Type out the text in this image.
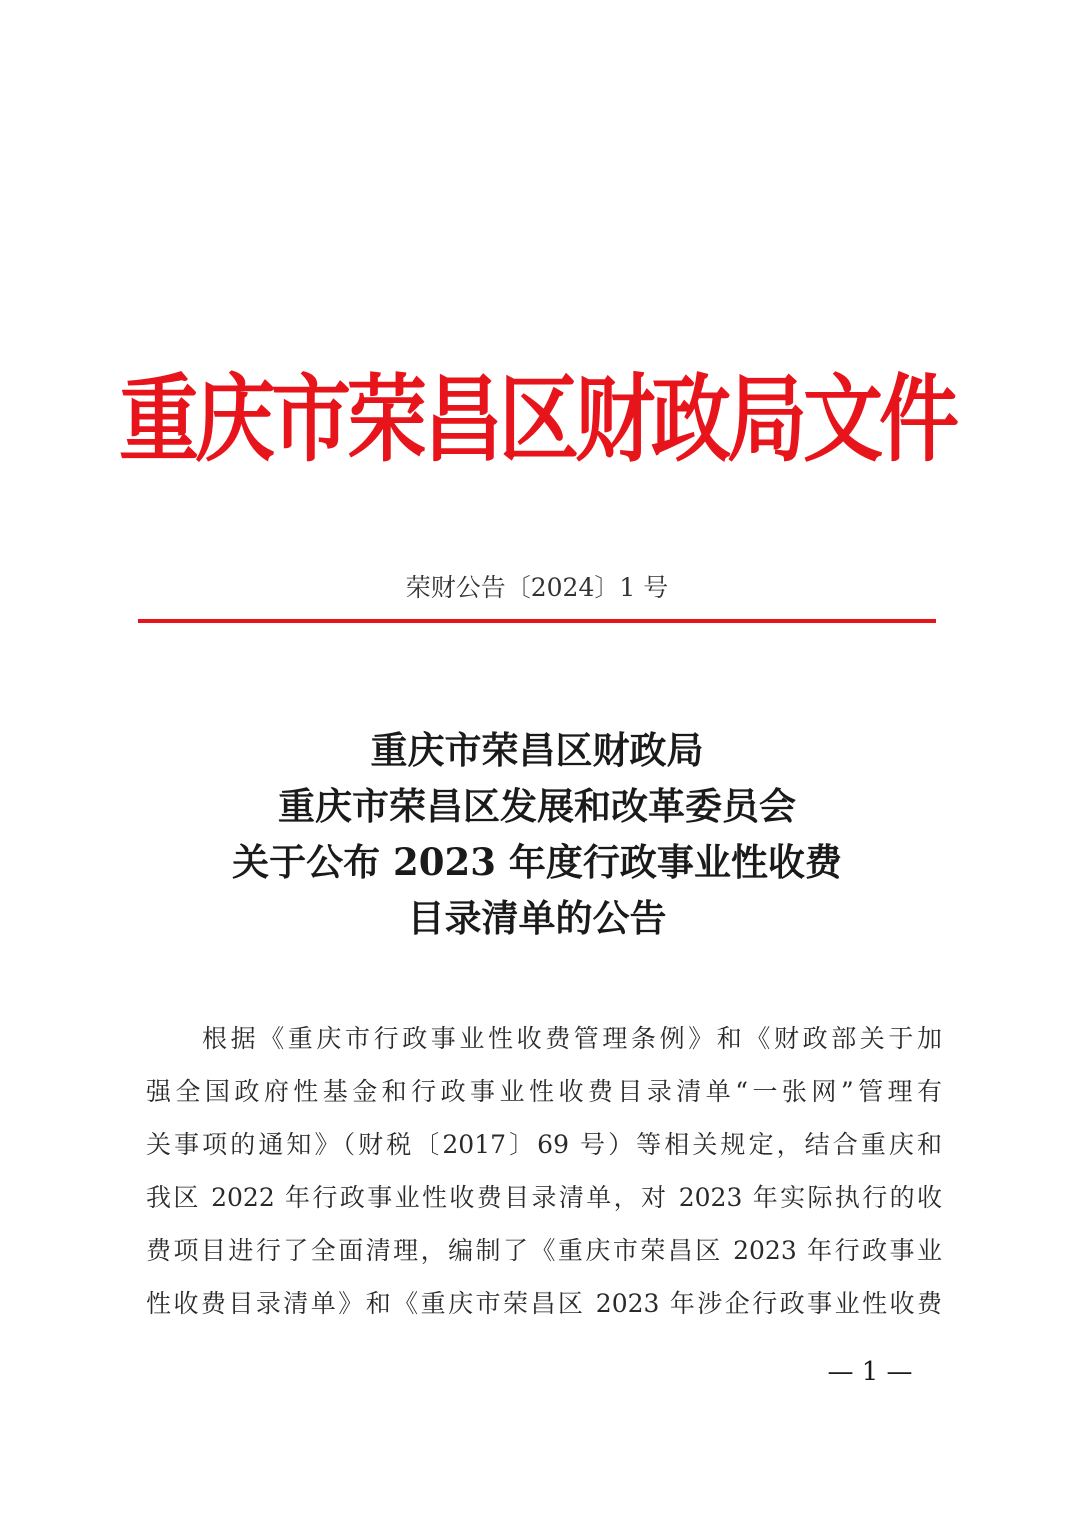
重庆市荣昌区财政局文件
荣财公告〔2024〕1 号
重庆市荣昌区财政局
重庆市荣昌区发展和改革委员会
关于公布 2023 年度行政事业性收费
目录清单的公告
根据《重庆市行政事业性收费管理条例》和《财政部关于加
强全国政府性基金和行政事业性收费目录清单“一张网”管理有
关事项的通知》（财税〔2017〕69 号）等相关规定，结合重庆和
我区 2022 年行政事业性收费目录清单，对 2023 年实际执行的收
费项目进行了全面清理，编制了《重庆市荣昌区 2023 年行政事业
性收费目录清单》和《重庆市荣昌区 2023 年涉企行政事业性收费
— 1 —
